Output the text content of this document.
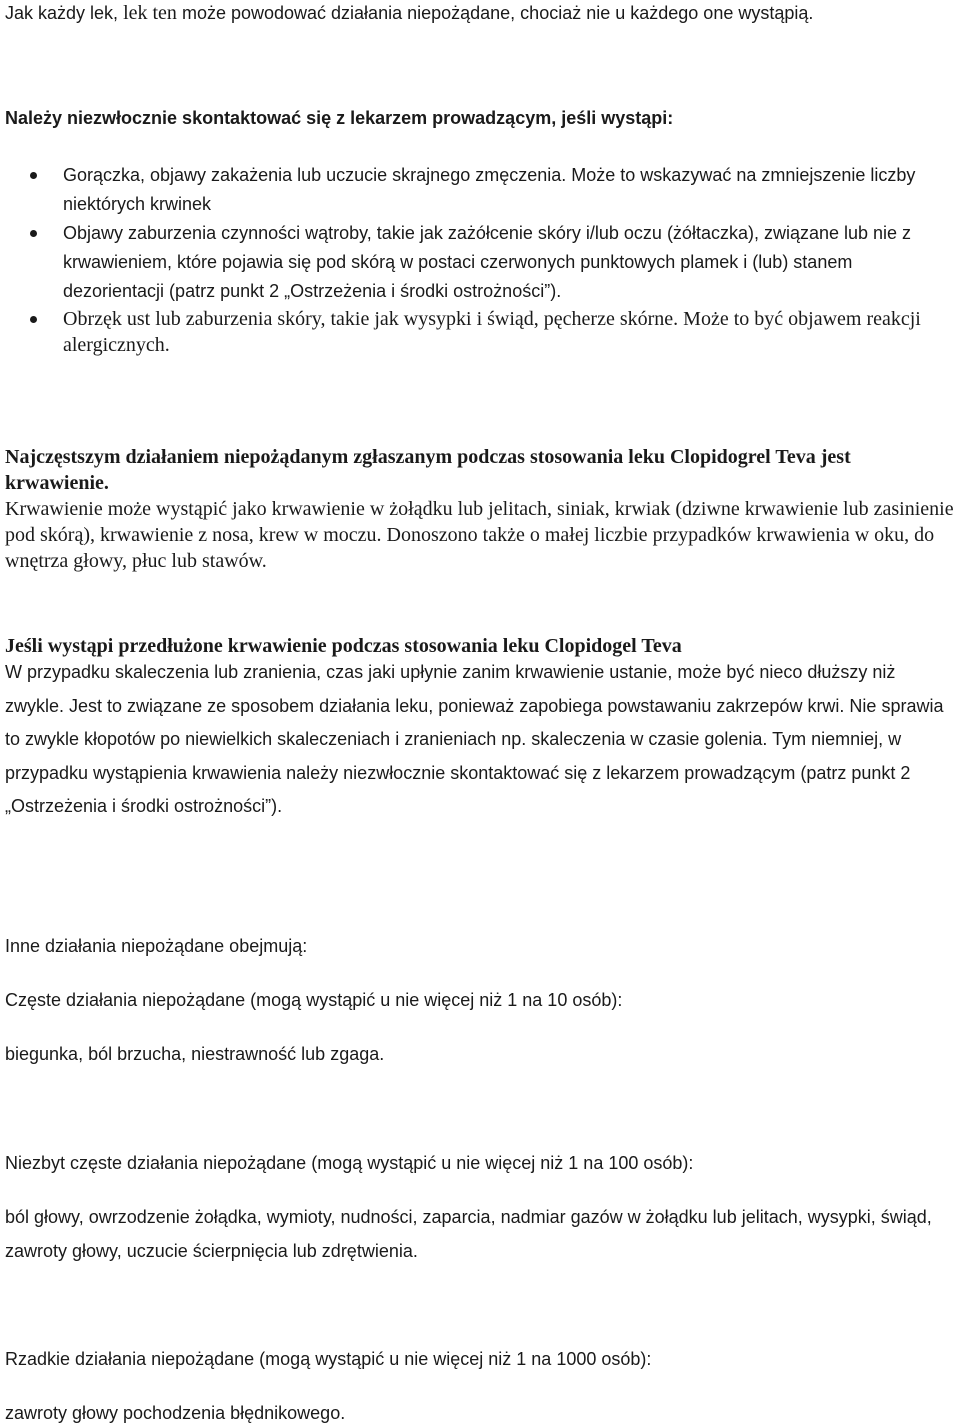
Jak każdy lek, lek ten może powodować działania niepożądane, chociaż nie u każdego one wystąpią.

Należy niezwłocznie skontaktować się z lekarzem prowadzącym, jeśli wystąpi:

Gorączka, objawy zakażenia lub uczucie skrajnego zmęczenia. Może to wskazywać na zmniejszenie liczby niektórych krwinek
Objawy zaburzenia czynności wątroby, takie jak zażółcenie skóry i/lub oczu (żółtaczka), związane lub nie z krwawieniem, które pojawia się pod skórą w postaci czerwonych punktowych plamek i (lub) stanem dezorientacji (patrz punkt 2 „Ostrzeżenia i środki ostrożności”).
Obrzęk ust lub zaburzenia skóry, takie jak wysypki i świąd, pęcherze skórne. Może to być objawem reakcji alergicznych.
Najczęstszym działaniem niepożądanym zgłaszanym podczas stosowania leku Clopidogrel Teva jest krwawienie.
Krwawienie może wystąpić jako krwawienie w żołądku lub jelitach, siniak, krwiak (dziwne krwawienie lub zasinienie pod skórą), krwawienie z nosa, krew w moczu. Donoszono także o małej liczbie przypadków krwawienia w oku, do wnętrza głowy, płuc lub stawów.
Jeśli wystąpi przedłużone krwawienie podczas stosowania leku Clopidogel Teva
W przypadku skaleczenia lub zranienia, czas jaki upłynie zanim krwawienie ustanie, może być nieco dłuższy niż zwykle. Jest to związane ze sposobem działania leku, ponieważ zapobiega powstawaniu zakrzepów krwi. Nie sprawia to zwykle kłopotów po niewielkich skaleczeniach i zranieniach np. skaleczenia w czasie golenia. Tym niemniej, w przypadku wystąpienia krwawienia należy niezwłocznie skontaktować się z lekarzem prowadzącym (patrz punkt 2 „Ostrzeżenia i środki ostrożności”).

Inne działania niepożądane obejmują:

Częste działania niepożądane (mogą wystąpić u nie więcej niż 1 na 10 osób):

biegunka, ból brzucha, niestrawność lub zgaga.

Niezbyt częste działania niepożądane (mogą wystąpić u nie więcej niż 1 na 100 osób):

ból głowy, owrzodzenie żołądka, wymioty, nudności, zaparcia, nadmiar gazów w żołądku lub jelitach, wysypki, świąd, zawroty głowy, uczucie ścierpnięcia lub zdrętwienia.

Rzadkie działania niepożądane (mogą wystąpić u nie więcej niż 1 na 1000 osób):

zawroty głowy pochodzenia błędnikowego.
